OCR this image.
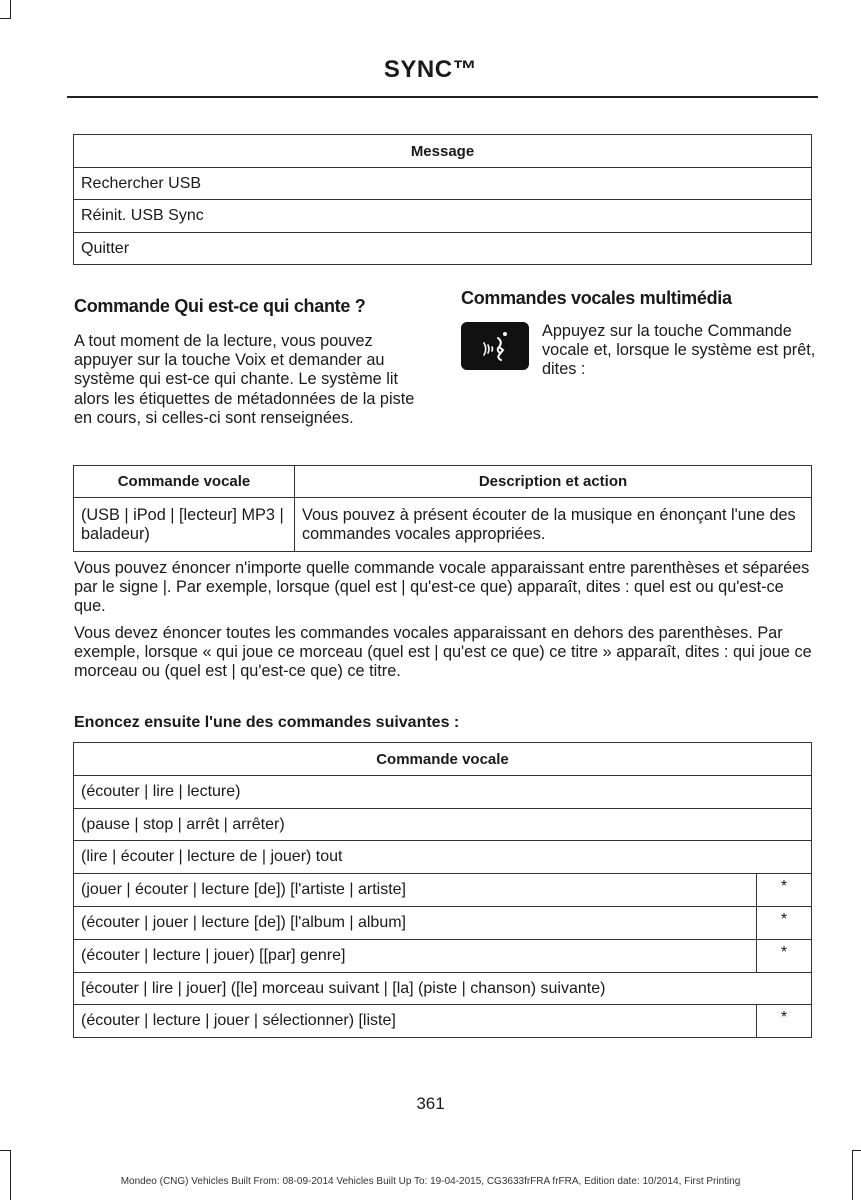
SYNC™
Message
Rechercher USB
Réinit. USB Sync
Quitter
Commande Qui est-ce qui chante ?
A tout moment de la lecture, vous pouvez appuyer sur la touche Voix et demander au système qui est-ce qui chante. Le système lit alors les étiquettes de métadonnées de la piste en cours, si celles-ci sont renseignées.
Commandes vocales multimédia
Appuyez sur la touche Commande vocale et, lorsque le système est prêt, dites :
Commande vocale	Description et action
(USB | iPod | [lecteur] MP3 | baladeur)	Vous pouvez à présent écouter de la musique en énonçant l'une des commandes vocales appropriées.
Vous pouvez énoncer n'importe quelle commande vocale apparaissant entre parenthèses et séparées par le signe |. Par exemple, lorsque (quel est | qu'est-ce que) apparaît, dites : quel est ou qu'est-ce que.
Vous devez énoncer toutes les commandes vocales apparaissant en dehors des parenthèses. Par exemple, lorsque « qui joue ce morceau (quel est | qu'est ce que) ce titre » apparaît, dites : qui joue ce morceau ou (quel est | qu'est-ce que) ce titre.
Enoncez ensuite l'une des commandes suivantes :
Commande vocale	
(écouter | lire | lecture)	
(pause | stop | arrêt | arrêter)	
(lire | écouter | lecture de | jouer) tout	
(jouer | écouter | lecture [de]) [l'artiste | artiste]	*
(écouter | jouer | lecture [de]) [l'album | album]	*
(écouter | lecture | jouer) [[par] genre]	*
[écouter | lire | jouer] ([le] morceau suivant | [la] (piste | chanson) suivante)	
(écouter | lecture | jouer | sélectionner) [liste]	*
361
Mondeo (CNG) Vehicles Built From: 08-09-2014 Vehicles Built Up To: 19-04-2015, CG3633frFRA frFRA, Edition date: 10/2014, First Printing
